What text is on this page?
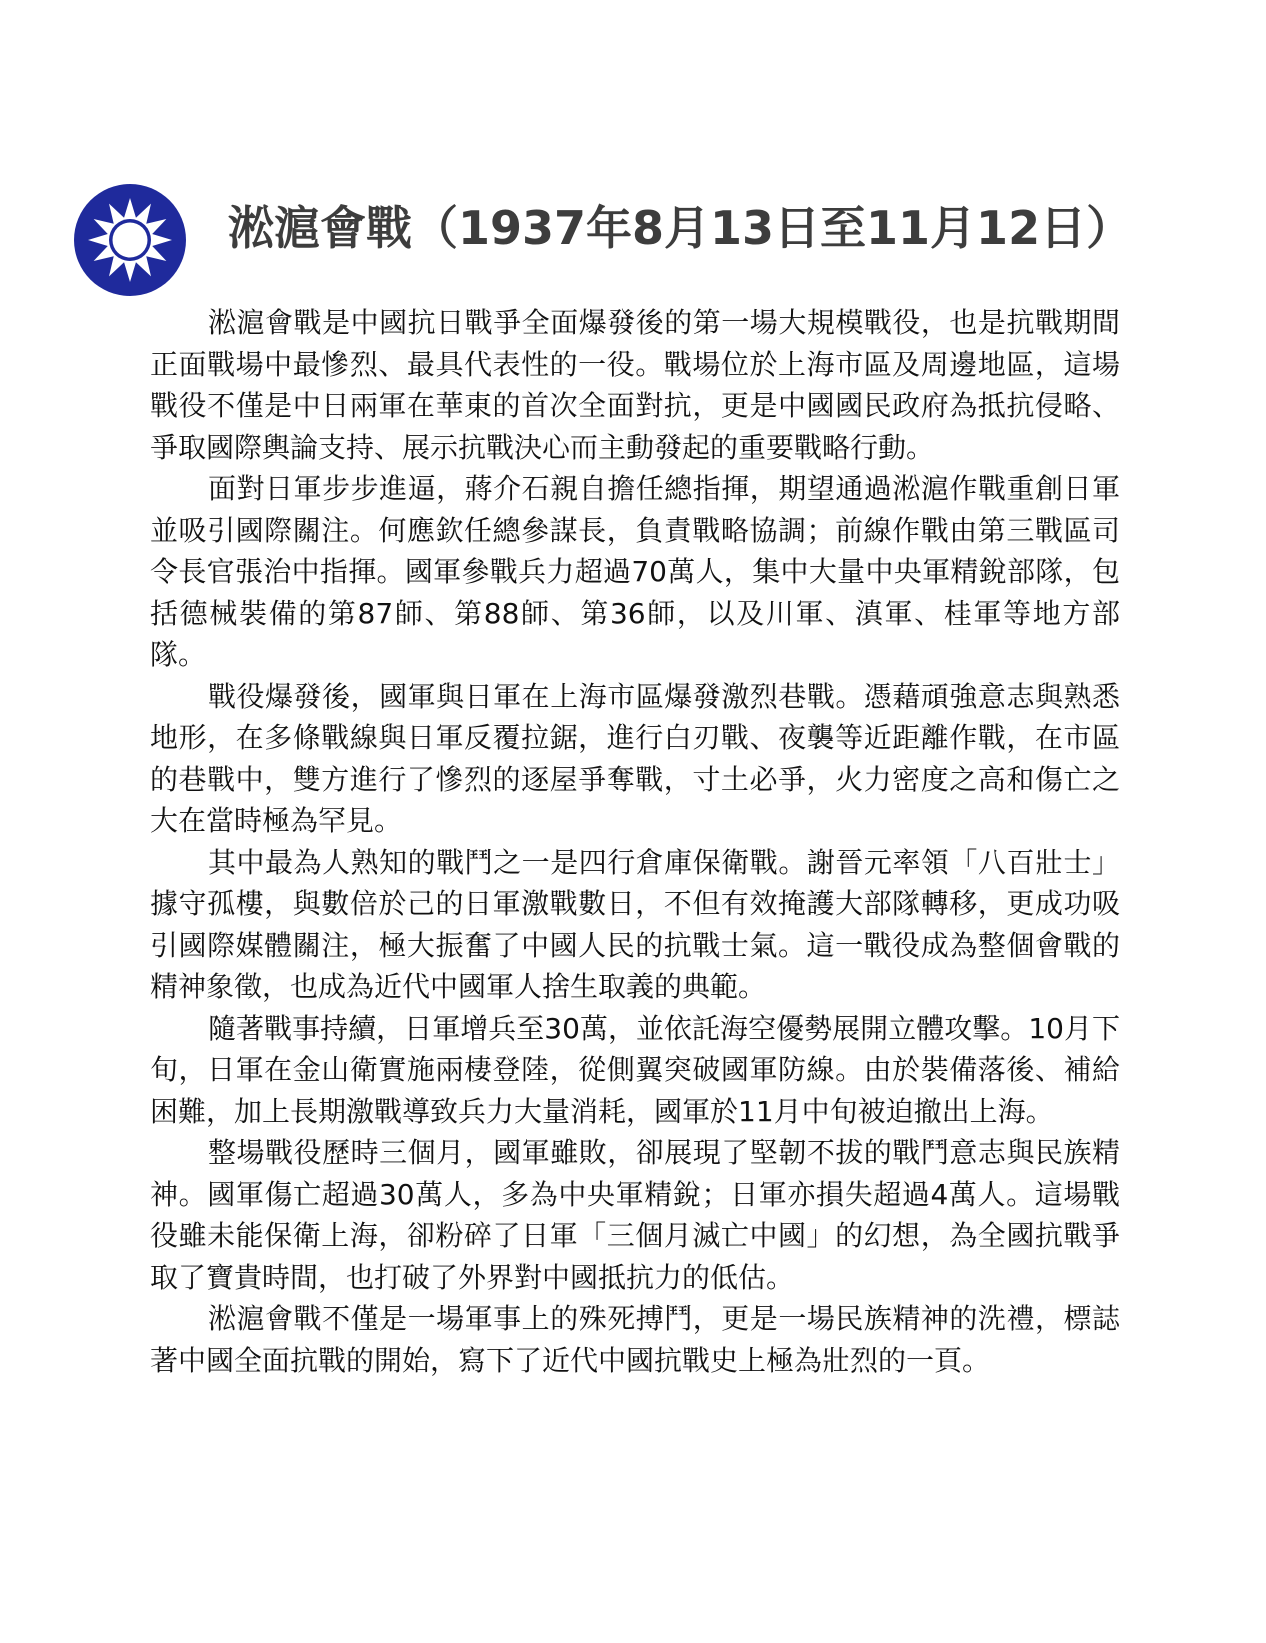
淞滬會戰（1937年8月13日至11月12日）

淞滬會戰是中國抗日戰爭全面爆發後的第一場大規模戰役，也是抗戰期間正面戰場中最慘烈、最具代表性的一役。戰場位於上海市區及周邊地區，這場戰役不僅是中日兩軍在華東的首次全面對抗，更是中國國民政府為抵抗侵略、爭取國際輿論支持、展示抗戰決心而主動發起的重要戰略行動。

面對日軍步步進逼，蔣介石親自擔任總指揮，期望通過淞滬作戰重創日軍並吸引國際關注。何應欽任總參謀長，負責戰略協調；前線作戰由第三戰區司令長官張治中指揮。國軍參戰兵力超過70萬人，集中大量中央軍精銳部隊，包括德械裝備的第87師、第88師、第36師，以及川軍、滇軍、桂軍等地方部隊。

戰役爆發後，國軍與日軍在上海市區爆發激烈巷戰。憑藉頑強意志與熟悉地形，在多條戰線與日軍反覆拉鋸，進行白刃戰、夜襲等近距離作戰，在市區的巷戰中，雙方進行了慘烈的逐屋爭奪戰，寸土必爭，火力密度之高和傷亡之大在當時極為罕見。

其中最為人熟知的戰鬥之一是四行倉庫保衛戰。謝晉元率領「八百壯士」據守孤樓，與數倍於己的日軍激戰數日，不但有效掩護大部隊轉移，更成功吸引國際媒體關注，極大振奮了中國人民的抗戰士氣。這一戰役成為整個會戰的精神象徵，也成為近代中國軍人捨生取義的典範。

隨著戰事持續，日軍增兵至30萬，並依託海空優勢展開立體攻擊。10月下旬，日軍在金山衛實施兩棲登陸，從側翼突破國軍防線。由於裝備落後、補給困難，加上長期激戰導致兵力大量消耗，國軍於11月中旬被迫撤出上海。

整場戰役歷時三個月，國軍雖敗，卻展現了堅韌不拔的戰鬥意志與民族精神。國軍傷亡超過30萬人，多為中央軍精銳；日軍亦損失超過4萬人。這場戰役雖未能保衛上海，卻粉碎了日軍「三個月滅亡中國」的幻想，為全國抗戰爭取了寶貴時間，也打破了外界對中國抵抗力的低估。

淞滬會戰不僅是一場軍事上的殊死搏鬥，更是一場民族精神的洗禮，標誌著中國全面抗戰的開始，寫下了近代中國抗戰史上極為壯烈的一頁。
